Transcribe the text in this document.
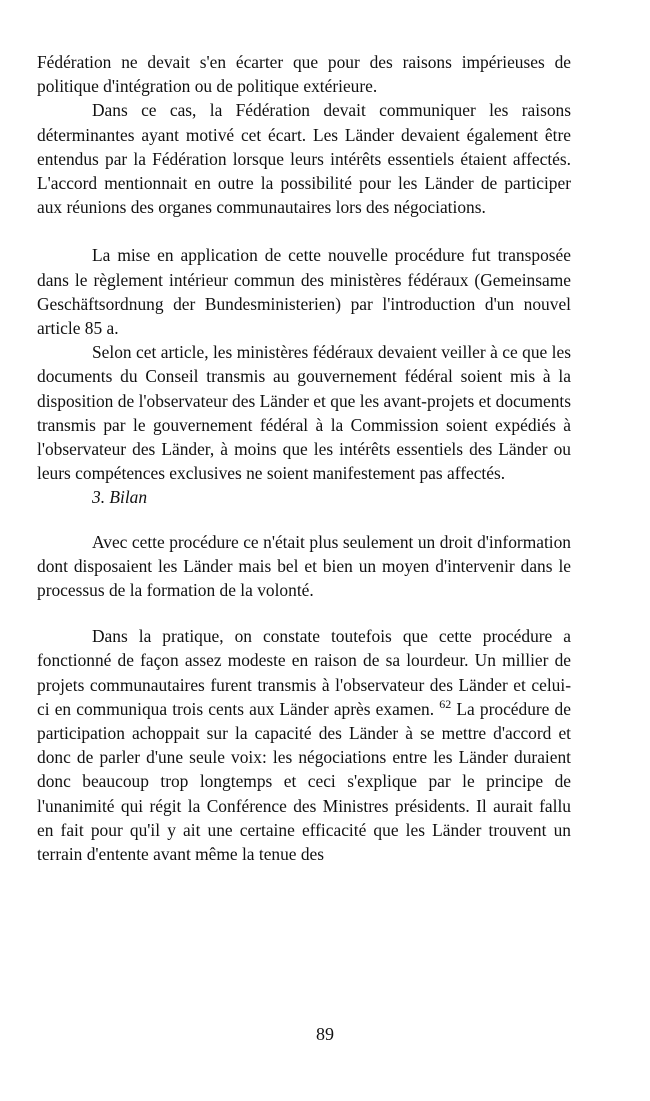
Fédération ne devait s'en écarter que pour des raisons impérieuses de politique d'intégration ou de politique extérieure.

Dans ce cas, la Fédération devait communiquer les raisons déterminantes ayant motivé cet écart. Les Länder devaient également être entendus par la Fédération lorsque leurs intérêts essentiels étaient affectés. L'accord mentionnait en outre la possibilité pour les Länder de participer aux réunions des organes communautaires lors des négociations.

La mise en application de cette nouvelle procédure fut transposée dans le règlement intérieur commun des ministères fédéraux (Gemeinsame Geschäftsordnung der Bundesministerien) par l'introduction d'un nouvel article 85 a.

Selon cet article, les ministères fédéraux devaient veiller à ce que les documents du Conseil transmis au gouvernement fédéral soient mis à la disposition de l'observateur des Länder et que les avant-projets et documents transmis par le gouvernement fédéral à la Commission soient expédiés à l'observateur des Länder, à moins que les intérêts essentiels des Länder ou leurs compétences exclusives ne soient manifestement pas affectés.

3. Bilan

Avec cette procédure ce n'était plus seulement un droit d'information dont disposaient les Länder mais bel et bien un moyen d'intervenir dans le processus de la formation de la volonté.

Dans la pratique, on constate toutefois que cette procédure a fonctionné de façon assez modeste en raison de sa lourdeur. Un millier de projets communautaires furent transmis à l'observateur des Länder et celui-ci en communiqua trois cents aux Länder après examen. $^{62}$ La procédure de participation achoppait sur la capacité des Länder à se mettre d'accord et donc de parler d'une seule voix: les négociations entre les Länder duraient donc beaucoup trop longtemps et ceci s'explique par le principe de l'unanimité qui régit la Conférence des Ministres présidents. Il aurait fallu en fait pour qu'il y ait une certaine efficacité que les Länder trouvent un terrain d'entente avant même la tenue des

89
